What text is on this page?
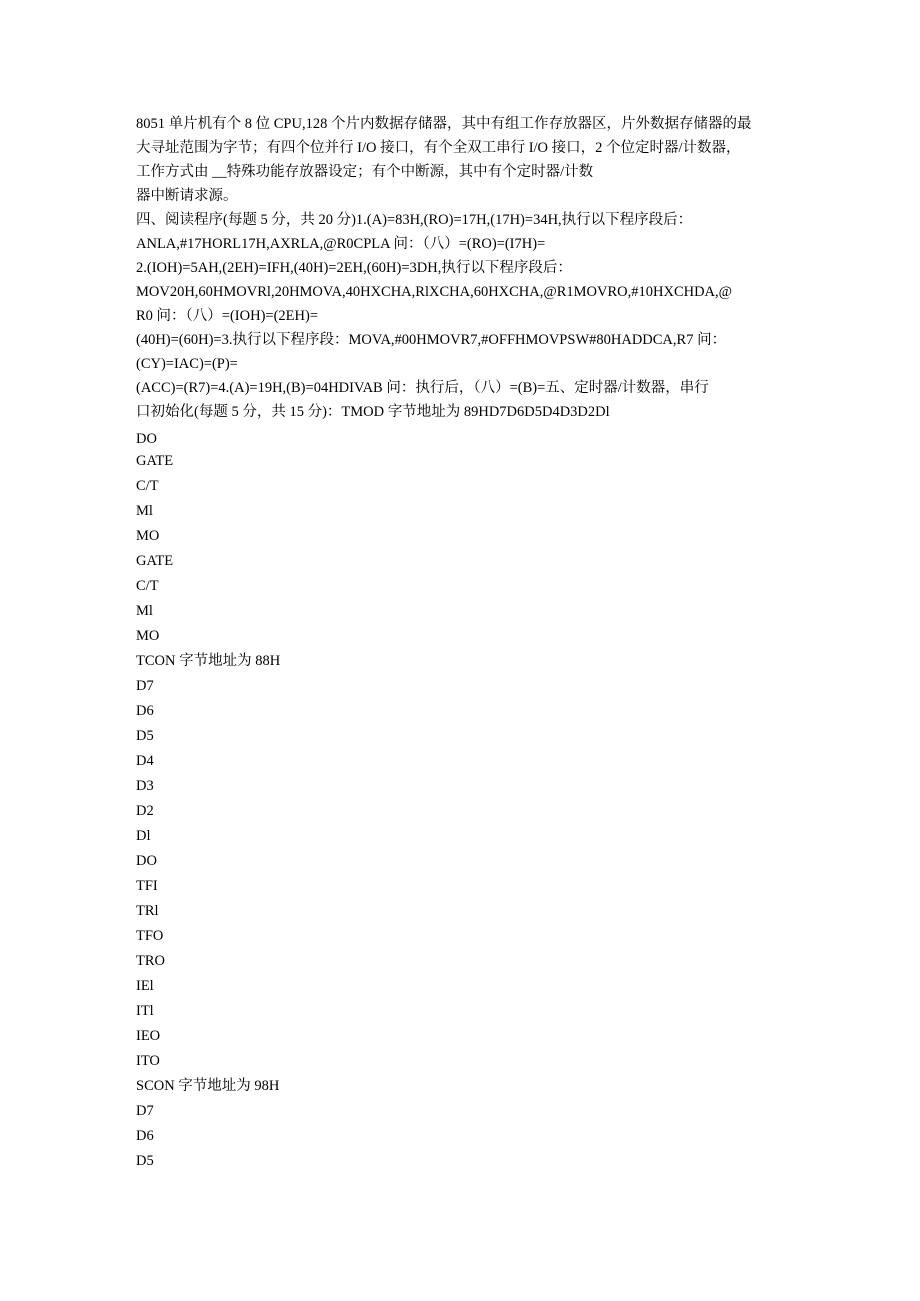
8051 单片机有个 8 位 CPU,128 个片内数据存储器，其中有组工作存放器区，片外数据存储器的最
大寻址范围为字节；有四个位并行 I/O 接口，有个全双工串行 I/O 接口，2 个位定时器/计数器，
工作方式由 __特殊功能存放器设定；有个中断源，其中有个定时器/计数
器中断请求源。
四、阅读程序(每题 5 分，共 20 分)1.(A)=83H,(RO)=17H,(17H)=34H,执行以下程序段后：
ANLA,#17HORL17H,AXRLA,@R0CPLA 问：（八）=(RO)=(I7H)=
2.(IOH)=5AH,(2EH)=IFH,(40H)=2EH,(60H)=3DH,执行以下程序段后：
MOV20H,60HMOVRl,20HMOVA,40HXCHA,RlXCHA,60HXCHA,@R1MOVRO,#10HXCHDA,@
R0 问：（八）=(IOH)=(2EH)=
(40H)=(60H)=3.执行以下程序段：MOVA,#00HMOVR7,#OFFHMOVPSW#80HADDCA,R7 问：
(CY)=IAC)=(P)=
(ACC)=(R7)=4.(A)=19H,(B)=04HDIVAB 问：执行后，（八）=(B)=五、定时器/计数器，串行
口初始化(每题 5 分，共 15 分)：TMOD 字节地址为 89HD7D6D5D4D3D2Dl
DO
GATE
C/T
Ml
MO
GATE
C/T
Ml
MO
TCON 字节地址为 88H
D7
D6
D5
D4
D3
D2
Dl
DO
TFI
TRl
TFO
TRO
IEl
ITl
IEO
ITO
SCON 字节地址为 98H
D7
D6
D5
